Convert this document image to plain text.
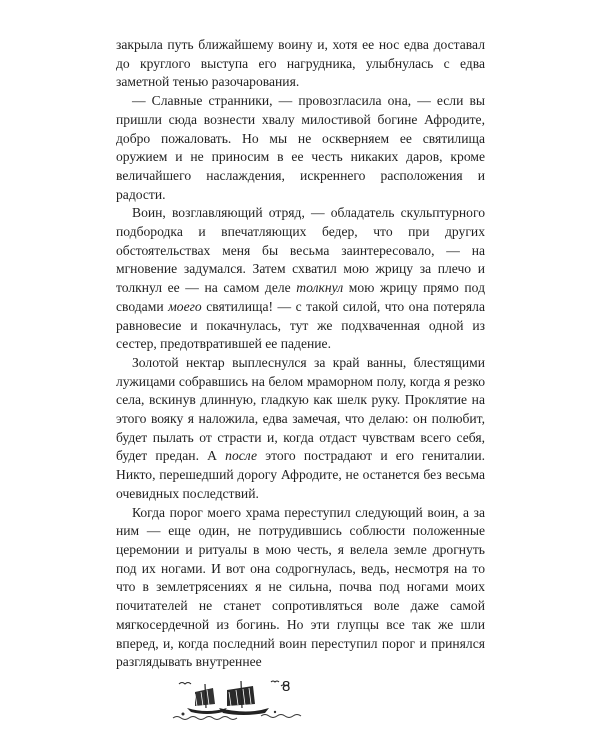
закрыла путь ближайшему воину и, хотя ее нос едва доставал до круглого выступа его нагрудника, улыбнулась с едва заметной тенью разочарования.

— Славные странники, — провозгласила она, — если вы пришли сюда вознести хвалу милостивой богине Афродите, добро пожаловать. Но мы не оскверняем ее святилища оружием и не приносим в ее честь никаких даров, кроме величайшего наслаждения, искреннего расположения и радости.

Воин, возглавляющий отряд, — обладатель скульптурного подбородка и впечатляющих бедер, что при других обстоятельствах меня бы весьма заинтересовало, — на мгновение задумался. Затем схватил мою жрицу за плечо и толкнул ее — на самом деле толкнул мою жрицу прямо под сводами моего святилища! — с такой силой, что она потеряла равновесие и покачнулась, тут же подхваченная одной из сестер, предотвратившей ее падение.

Золотой нектар выплеснулся за край ванны, блестящими лужицами собравшись на белом мраморном полу, когда я резко села, вскинув длинную, гладкую как шелк руку. Проклятие на этого вояку я наложила, едва замечая, что делаю: он полюбит, будет пылать от страсти и, когда отдаст чувствам всего себя, будет предан. А после этого пострадают и его гениталии. Никто, перешедший дорогу Афродите, не останется без весьма очевидных последствий.

Когда порог моего храма переступил следующий воин, а за ним — еще один, не потрудившись соблюсти положенные церемонии и ритуалы в мою честь, я велела земле дрогнуть под их ногами. И вот она содрогнулась, ведь, несмотря на то что в землетрясениях я не сильна, почва под ногами моих почитателей не станет сопротивляться воле даже самой мягкосердечной из богинь. Но эти глупцы все так же шли вперед, и, когда последний воин переступил порог и принялся разглядывать внутреннее

8
